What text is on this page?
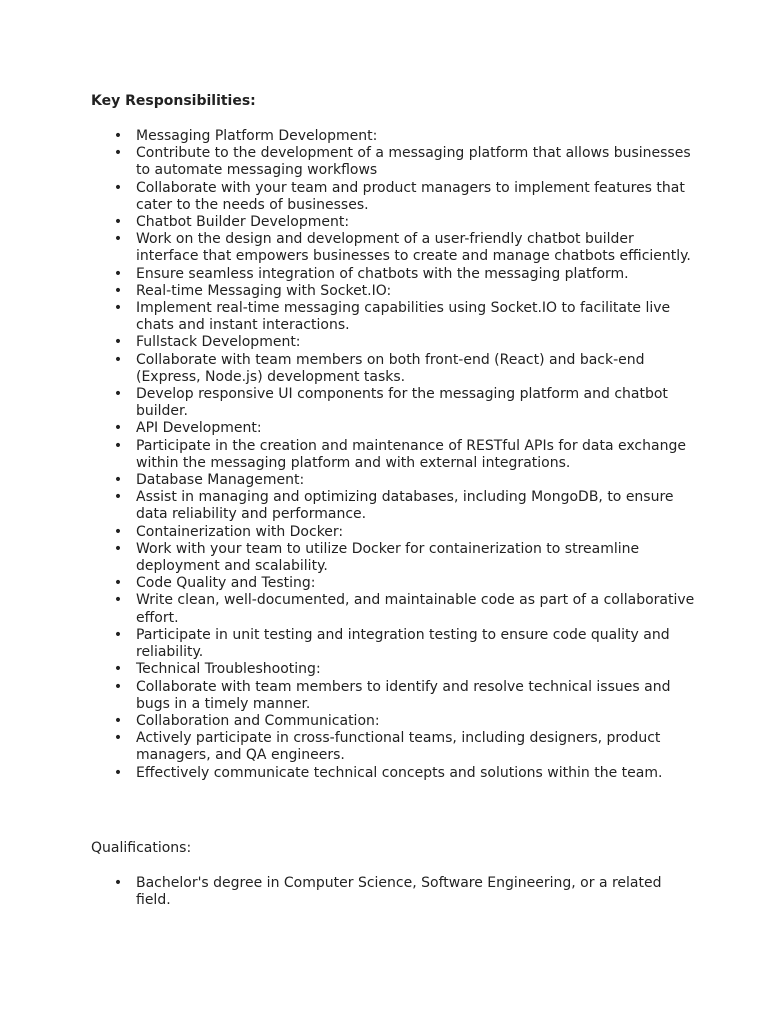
Key Responsibilities:

• Messaging Platform Development:
• Contribute to the development of a messaging platform that allows businesses to automate messaging workflows
• Collaborate with your team and product managers to implement features that cater to the needs of businesses.
• Chatbot Builder Development:
• Work on the design and development of a user-friendly chatbot builder interface that empowers businesses to create and manage chatbots efficiently.
• Ensure seamless integration of chatbots with the messaging platform.
• Real-time Messaging with Socket.IO:
• Implement real-time messaging capabilities using Socket.IO to facilitate live chats and instant interactions.
• Fullstack Development:
• Collaborate with team members on both front-end (React) and back-end (Express, Node.js) development tasks.
• Develop responsive UI components for the messaging platform and chatbot builder.
• API Development:
• Participate in the creation and maintenance of RESTful APIs for data exchange within the messaging platform and with external integrations.
• Database Management:
• Assist in managing and optimizing databases, including MongoDB, to ensure data reliability and performance.
• Containerization with Docker:
• Work with your team to utilize Docker for containerization to streamline deployment and scalability.
• Code Quality and Testing:
• Write clean, well-documented, and maintainable code as part of a collaborative effort.
• Participate in unit testing and integration testing to ensure code quality and reliability.
• Technical Troubleshooting:
• Collaborate with team members to identify and resolve technical issues and bugs in a timely manner.
• Collaboration and Communication:
• Actively participate in cross-functional teams, including designers, product managers, and QA engineers.
• Effectively communicate technical concepts and solutions within the team.

Qualifications:

• Bachelor's degree in Computer Science, Software Engineering, or a related field.
